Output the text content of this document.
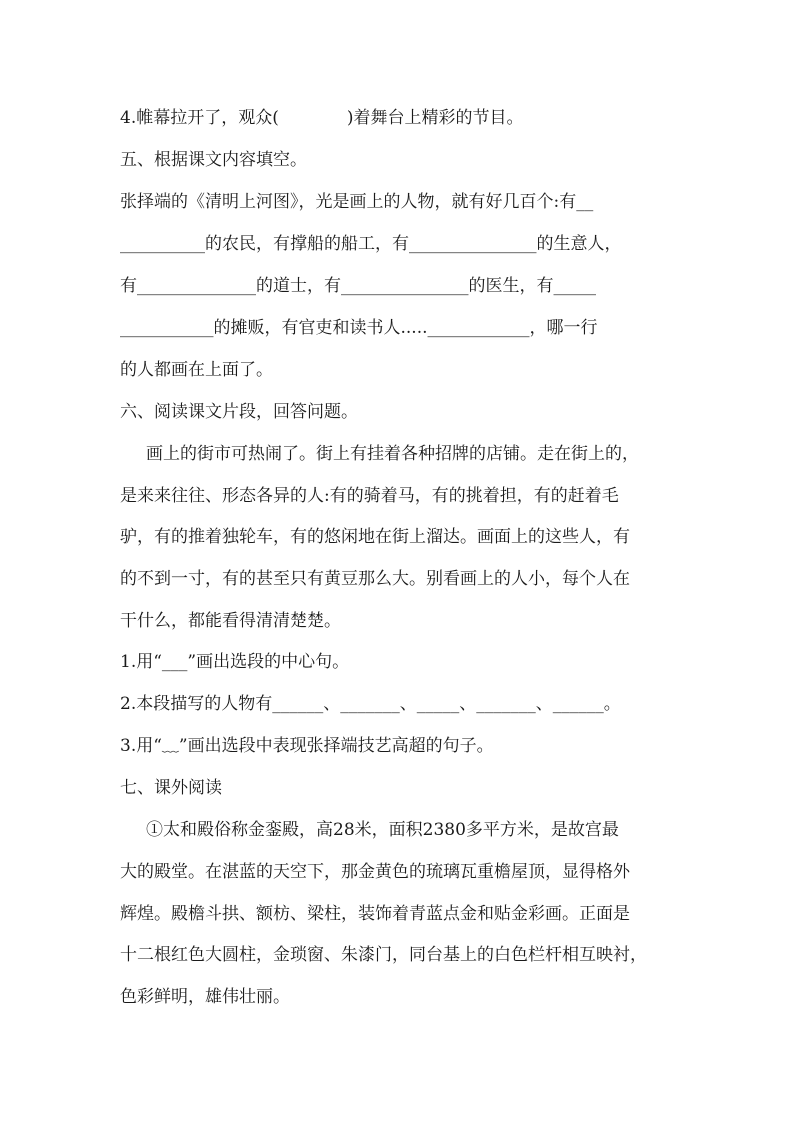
4.帷幕拉开了，观众(　　　　)着舞台上精彩的节目。
五、根据课文内容填空。
张择端的《清明上河图》，光是画上的人物，就有好几百个:有__
__________的农民，有撑船的船工，有_______________的生意人，
有______________的道士，有_______________的医生，有_____
___________的摊贩，有官吏和读书人.....____________，哪一行
的人都画在上面了。
六、阅读课文片段，回答问题。
画上的街市可热闹了。街上有挂着各种招牌的店铺。走在街上的，
是来来往往、形态各异的人:有的骑着马，有的挑着担，有的赶着毛
驴，有的推着独轮车，有的悠闲地在街上溜达。画面上的这些人，有
的不到一寸，有的甚至只有黄豆那么大。别看画上的人小，每个人在
干什么，都能看得清清楚楚。
1.用“___”画出选段的中心句。
2.本段描写的人物有______、_______、_____、_______、______。
3.用“﹏”画出选段中表现张择端技艺高超的句子。
七、课外阅读
①太和殿俗称金銮殿，高28米，面积2380多平方米，是故宫最
大的殿堂。在湛蓝的天空下，那金黄色的琉璃瓦重檐屋顶，显得格外
辉煌。殿檐斗拱、额枋、梁柱，装饰着青蓝点金和贴金彩画。正面是
十二根红色大圆柱，金琐窗、朱漆门，同台基上的白色栏杆相互映衬，
色彩鲜明，雄伟壮丽。
